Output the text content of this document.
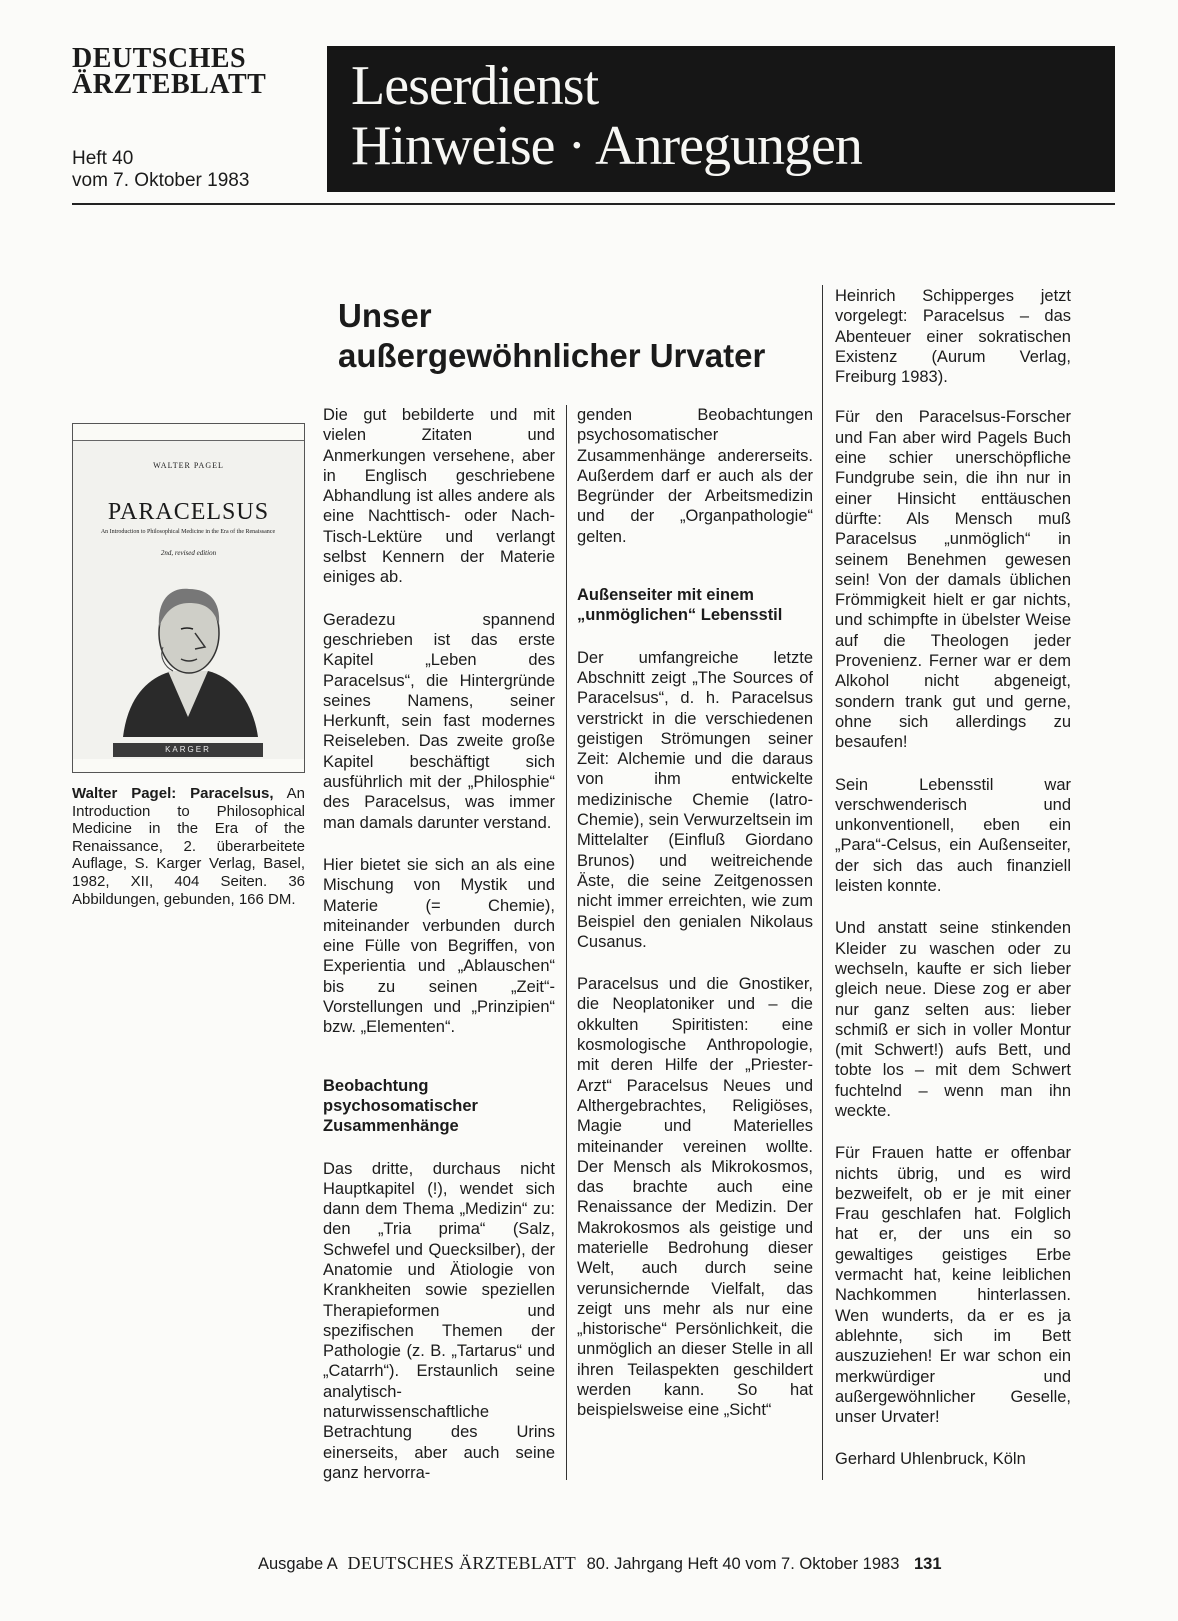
DEUTSCHES
ÄRZTEBLATT
Heft 40
vom 7. Oktober 1983
Leserdienst
Hinweise · Anregungen
Unser
außergewöhnlicher Urvater
WALTER PAGEL
PARACELSUS
An Introduction to Philosophical Medicine in the Era of the Renaissance
2nd, revised edition
KARGER
Walter Pagel: Paracelsus, An Introduction to Philosophical Medicine in the Era of the Renaissance, 2. überarbeitete Auflage, S. Karger Verlag, Basel, 1982, XII, 404 Seiten. 36 Abbildungen, gebunden, 166 DM.

Die gut bebilderte und mit vielen Zitaten und Anmerkungen versehene, aber in Englisch geschriebene Abhandlung ist alles andere als eine Nachttisch- oder Nach-Tisch-Lektüre und verlangt selbst Kennern der Materie einiges ab.

Geradezu spannend geschrieben ist das erste Kapitel „Leben des Paracelsus“, die Hintergründe seines Namens, seiner Herkunft, sein fast modernes Reiseleben. Das zweite große Kapitel beschäftigt sich ausführlich mit der „Philosphie“ des Paracelsus, was immer man damals darunter verstand.

Hier bietet sie sich an als eine Mischung von Mystik und Materie (= Chemie), miteinander verbunden durch eine Fülle von Begriffen, von Experientia und „Ablauschen“ bis zu seinen „Zeit“-Vorstellungen und „Prinzipien“ bzw. „Elementen“.

Beobachtung psychosomatischer Zusammenhänge

Das dritte, durchaus nicht Hauptkapitel (!), wendet sich dann dem Thema „Medizin“ zu: den „Tria prima“ (Salz, Schwefel und Quecksilber), der Anatomie und Ätiologie von Krankheiten sowie speziellen Therapieformen und spezifischen Themen der Pathologie (z. B. „Tartarus“ und „Catarrh“). Erstaunlich seine analytisch-naturwissenschaftliche Betrachtung des Urins einerseits, aber auch seine ganz hervorra-

genden Beobachtungen psychosomatischer Zusammenhänge andererseits. Außerdem darf er auch als der Begründer der Arbeitsmedizin und der „Organpathologie“ gelten.

Außenseiter mit einem „unmöglichen“ Lebensstil

Der umfangreiche letzte Abschnitt zeigt „The Sources of Paracelsus“, d. h. Paracelsus verstrickt in die verschiedenen geistigen Strömungen seiner Zeit: Alchemie und die daraus von ihm entwickelte medizinische Chemie (Iatro-Chemie), sein Verwurzeltsein im Mittelalter (Einfluß Giordano Brunos) und weitreichende Äste, die seine Zeitgenossen nicht immer erreichten, wie zum Beispiel den genialen Nikolaus Cusanus.

Paracelsus und die Gnostiker, die Neoplatoniker und – die okkulten Spiritisten: eine kosmologische Anthropologie, mit deren Hilfe der „Priester-Arzt“ Paracelsus Neues und Althergebrachtes, Religiöses, Magie und Materielles miteinander vereinen wollte. Der Mensch als Mikrokosmos, das brachte auch eine Renaissance der Medizin. Der Makrokosmos als geistige und materielle Bedrohung dieser Welt, auch durch seine verunsichernde Vielfalt, das zeigt uns mehr als nur eine „historische“ Persönlichkeit, die unmöglich an dieser Stelle in all ihren Teilaspekten geschildert werden kann. So hat beispielsweise eine „Sicht“

Heinrich Schipperges jetzt vorgelegt: Paracelsus – das Abenteuer einer sokratischen Existenz (Aurum Verlag, Freiburg 1983).

Für den Paracelsus-Forscher und Fan aber wird Pagels Buch eine schier unerschöpfliche Fundgrube sein, die ihn nur in einer Hinsicht enttäuschen dürfte: Als Mensch muß Paracelsus „unmöglich“ in seinem Benehmen gewesen sein! Von der damals üblichen Frömmigkeit hielt er gar nichts, und schimpfte in übelster Weise auf die Theologen jeder Provenienz. Ferner war er dem Alkohol nicht abgeneigt, sondern trank gut und gerne, ohne sich allerdings zu besaufen!

Sein Lebensstil war verschwenderisch und unkonventionell, eben ein „Para“-Celsus, ein Außenseiter, der sich das auch finanziell leisten konnte.

Und anstatt seine stinkenden Kleider zu waschen oder zu wechseln, kaufte er sich lieber gleich neue. Diese zog er aber nur ganz selten aus: lieber schmiß er sich in voller Montur (mit Schwert!) aufs Bett, und tobte los – mit dem Schwert fuchtelnd – wenn man ihn weckte.

Für Frauen hatte er offenbar nichts übrig, und es wird bezweifelt, ob er je mit einer Frau geschlafen hat. Folglich hat er, der uns ein so gewaltiges geistiges Erbe vermacht hat, keine leiblichen Nachkommen hinterlassen. Wen wunderts, da er es ja ablehnte, sich im Bett auszuziehen! Er war schon ein merkwürdiger und außergewöhnlicher Geselle, unser Urvater!

Gerhard Uhlenbruck, Köln

Ausgabe A DEUTSCHES ÄRZTEBLATT 80. Jahrgang Heft 40 vom 7. Oktober 1983 131
